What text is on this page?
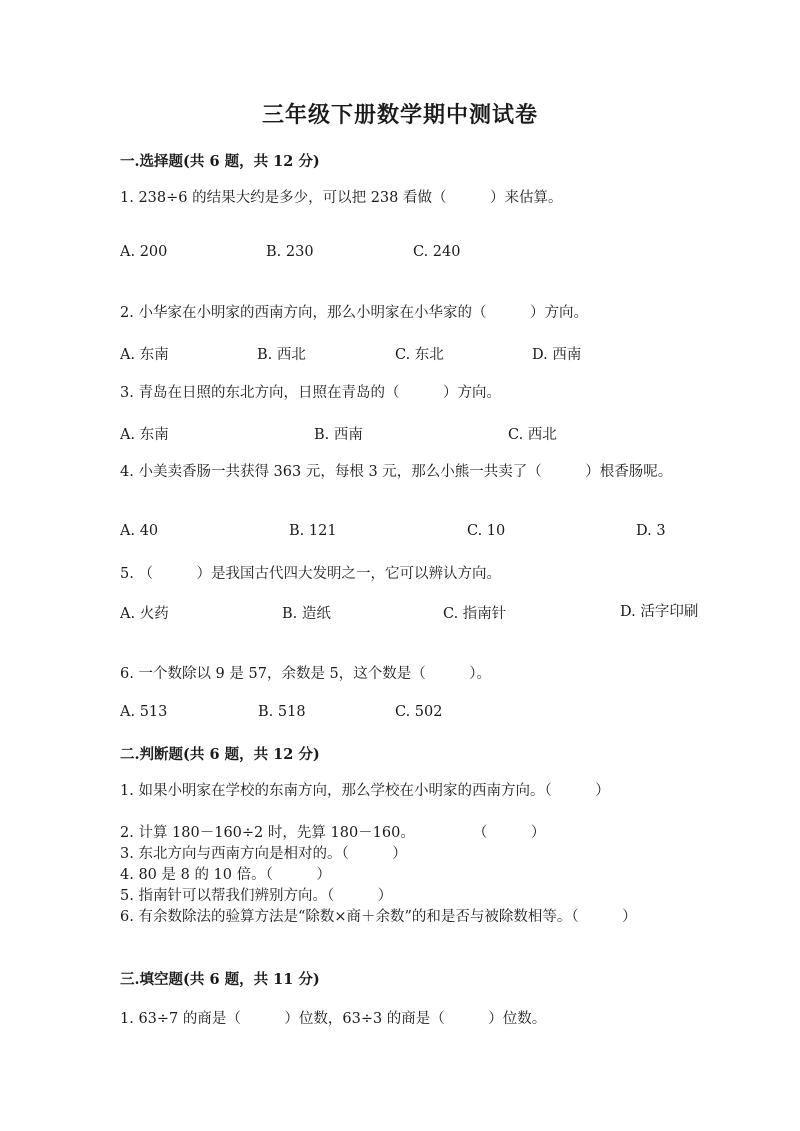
三年级下册数学期中测试卷
一.选择题(共 6 题，共 12 分)
1. 238÷6 的结果大约是多少，可以把 238 看做（　　　）来估算。
A. 200	B. 230	C. 240
2. 小华家在小明家的西南方向，那么小明家在小华家的（　　　）方向。
A. 东南	B. 西北	C. 东北	D. 西南
3. 青岛在日照的东北方向，日照在青岛的（　　　）方向。
A. 东南	B. 西南	C. 西北
4. 小美卖香肠一共获得 363 元，每根 3 元，那么小熊一共卖了（　　　）根香肠呢。
A. 40	B. 121	C. 10	D. 3
5. （　　　）是我国古代四大发明之一，它可以辨认方向。
A. 火药	B. 造纸	C. 指南针	D. 活字印刷
6. 一个数除以 9 是 57，余数是 5，这个数是（　　　）。
A. 513	B. 518	C. 502
二.判断题(共 6 题，共 12 分)
1. 如果小明家在学校的东南方向，那么学校在小明家的西南方向。（　　　）
2. 计算 180－160÷2 时，先算 180－160。　　　　　（　　　）
3. 东北方向与西南方向是相对的。（　　　）
4. 80 是 8 的 10 倍。（　　　）
5. 指南针可以帮我们辨别方向。（　　　）
6. 有余数除法的验算方法是“除数×商＋余数”的和是否与被除数相等。（　　　）
三.填空题(共 6 题，共 11 分)
1. 63÷7 的商是（　　　）位数，63÷3 的商是（　　　）位数。
